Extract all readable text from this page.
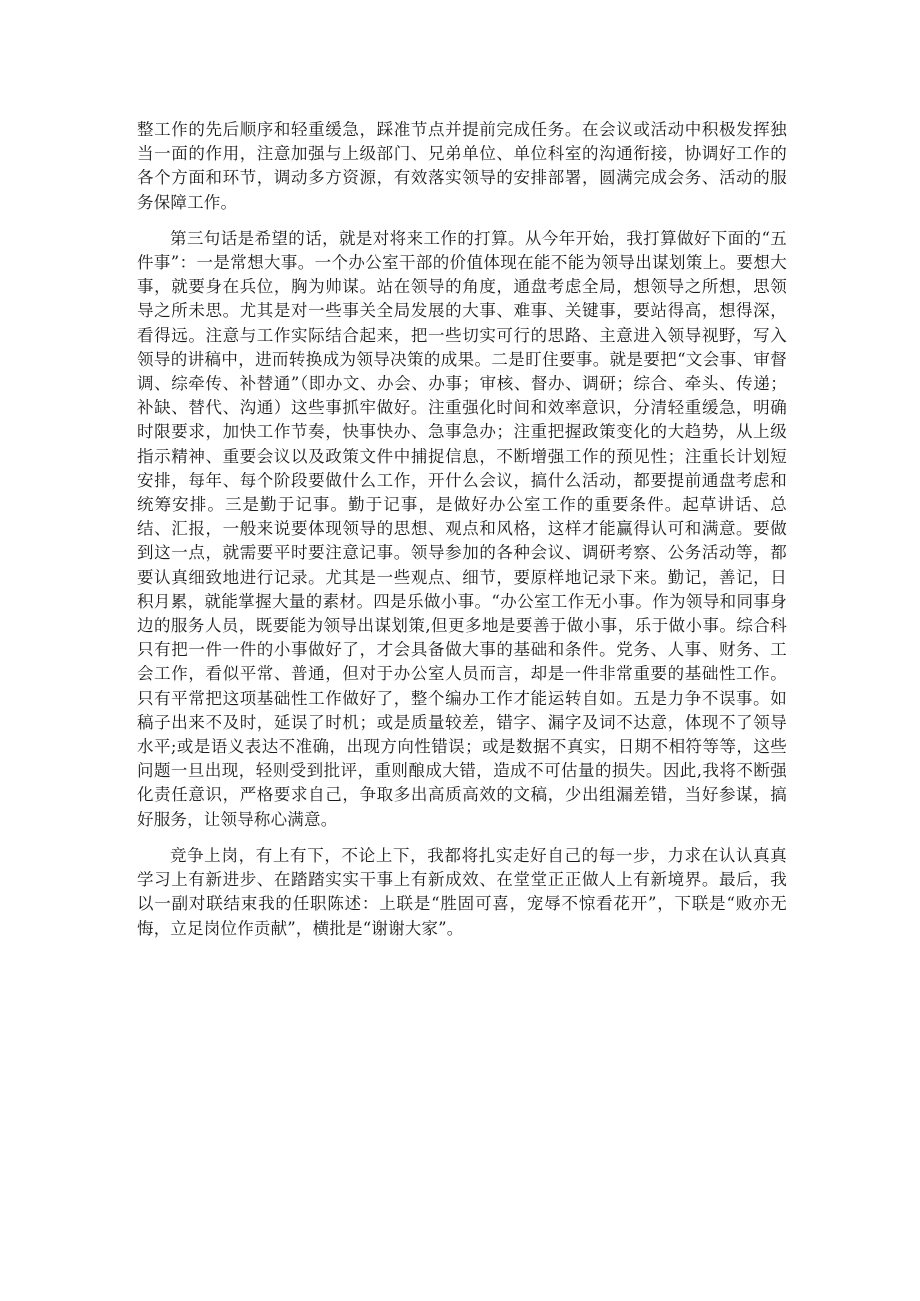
整工作的先后顺序和轻重缓急，踩准节点并提前完成任务。在会议或活动中积极发挥独当一面的作用，注意加强与上级部门、兄弟单位、单位科室的沟通衔接，协调好工作的各个方面和环节，调动多方资源，有效落实领导的安排部署，圆满完成会务、活动的服务保障工作。

第三句话是希望的话，就是对将来工作的打算。从今年开始，我打算做好下面的“五件事”：一是常想大事。一个办公室干部的价值体现在能不能为领导出谋划策上。要想大事，就要身在兵位，胸为帅谋。站在领导的角度，通盘考虑全局，想领导之所想，思领导之所未思。尤其是对一些事关全局发展的大事、难事、关键事，要站得高，想得深，看得远。注意与工作实际结合起来，把一些切实可行的思路、主意进入领导视野，写入领导的讲稿中，进而转换成为领导决策的成果。二是盯住要事。就是要把“文会事、审督调、综牵传、补替通”（即办文、办会、办事；审核、督办、调研；综合、牵头、传递；补缺、替代、沟通）这些事抓牢做好。注重强化时间和效率意识，分清轻重缓急，明确时限要求，加快工作节奏，快事快办、急事急办；注重把握政策变化的大趋势，从上级指示精神、重要会议以及政策文件中捕捉信息，不断增强工作的预见性；注重长计划短安排，每年、每个阶段要做什么工作，开什么会议，搞什么活动，都要提前通盘考虑和统筹安排。三是勤于记事。勤于记事，是做好办公室工作的重要条件。起草讲话、总结、汇报，一般来说要体现领导的思想、观点和风格，这样才能赢得认可和满意。要做到这一点，就需要平时要注意记事。领导参加的各种会议、调研考察、公务活动等，都要认真细致地进行记录。尤其是一些观点、细节，要原样地记录下来。勤记，善记，日积月累，就能掌握大量的素材。四是乐做小事。“办公室工作无小事。作为领导和同事身边的服务人员，既要能为领导出谋划策,但更多地是要善于做小事，乐于做小事。综合科只有把一件一件的小事做好了，才会具备做大事的基础和条件。党务、人事、财务、工会工作，看似平常、普通，但对于办公室人员而言，却是一件非常重要的基础性工作。只有平常把这项基础性工作做好了，整个编办工作才能运转自如。五是力争不误事。如稿子出来不及时，延误了时机；或是质量较差，错字、漏字及词不达意，体现不了领导水平;或是语义表达不准确，出现方向性错误；或是数据不真实，日期不相符等等，这些问题一旦出现，轻则受到批评，重则酿成大错，造成不可估量的损失。因此,我将不断强化责任意识，严格要求自己，争取多出高质高效的文稿，少出组漏差错，当好参谋，搞好服务，让领导称心满意。

竞争上岗，有上有下，不论上下，我都将扎实走好自己的每一步，力求在认认真真学习上有新进步、在踏踏实实干事上有新成效、在堂堂正正做人上有新境界。最后，我以一副对联结束我的任职陈述：上联是“胜固可喜，宠辱不惊看花开”，下联是“败亦无悔，立足岗位作贡献”，横批是“谢谢大家”。
